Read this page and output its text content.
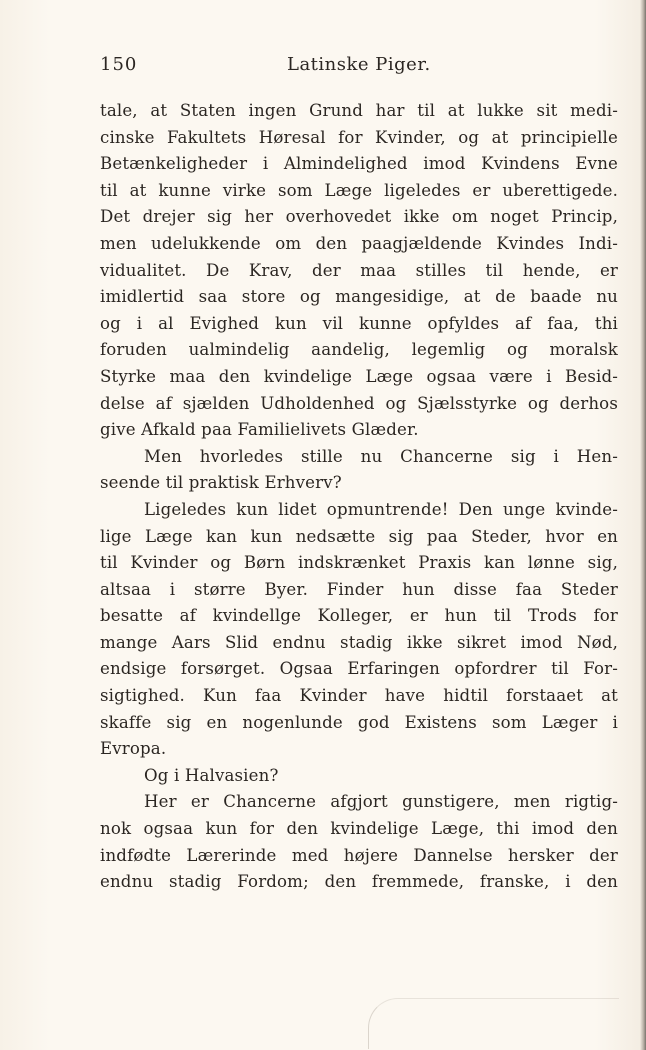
150	Latinske Piger.
tale, at Staten ingen Grund har til at lukke sit medi-
cinske Fakultets Høresal for Kvinder, og at principielle
Betænkeligheder i Almindelighed imod Kvindens Evne
til at kunne virke som Læge ligeledes er uberettigede.
Det drejer sig her overhovedet ikke om noget Princip,
men udelukkende om den paagjældende Kvindes Indi-
vidualitet. De Krav, der maa stilles til hende, er
imidlertid saa store og mangesidige, at de baade nu
og i al Evighed kun vil kunne opfyldes af faa, thi
foruden ualmindelig aandelig, legemlig og moralsk
Styrke maa den kvindelige Læge ogsaa være i Besid-
delse af sjælden Udholdenhed og Sjælsstyrke og derhos
give Afkald paa Familielivets Glæder.
Men hvorledes stille nu Chancerne sig i Hen-
seende til praktisk Erhverv?
Ligeledes kun lidet opmuntrende! Den unge kvinde-
lige Læge kan kun nedsætte sig paa Steder, hvor en
til Kvinder og Børn indskrænket Praxis kan lønne sig,
altsaa i større Byer. Finder hun disse faa Steder
besatte af kvindellge Kolleger, er hun til Trods for
mange Aars Slid endnu stadig ikke sikret imod Nød,
endsige forsørget. Ogsaa Erfaringen opfordrer til For-
sigtighed. Kun faa Kvinder have hidtil forstaaet at
skaffe sig en nogenlunde god Existens som Læger i
Evropa.
Og i Halvasien?
Her er Chancerne afgjort gunstigere, men rigtig-
nok ogsaa kun for den kvindelige Læge, thi imod den
indfødte Lærerinde med højere Dannelse hersker der
endnu stadig Fordom; den fremmede, franske, i den
